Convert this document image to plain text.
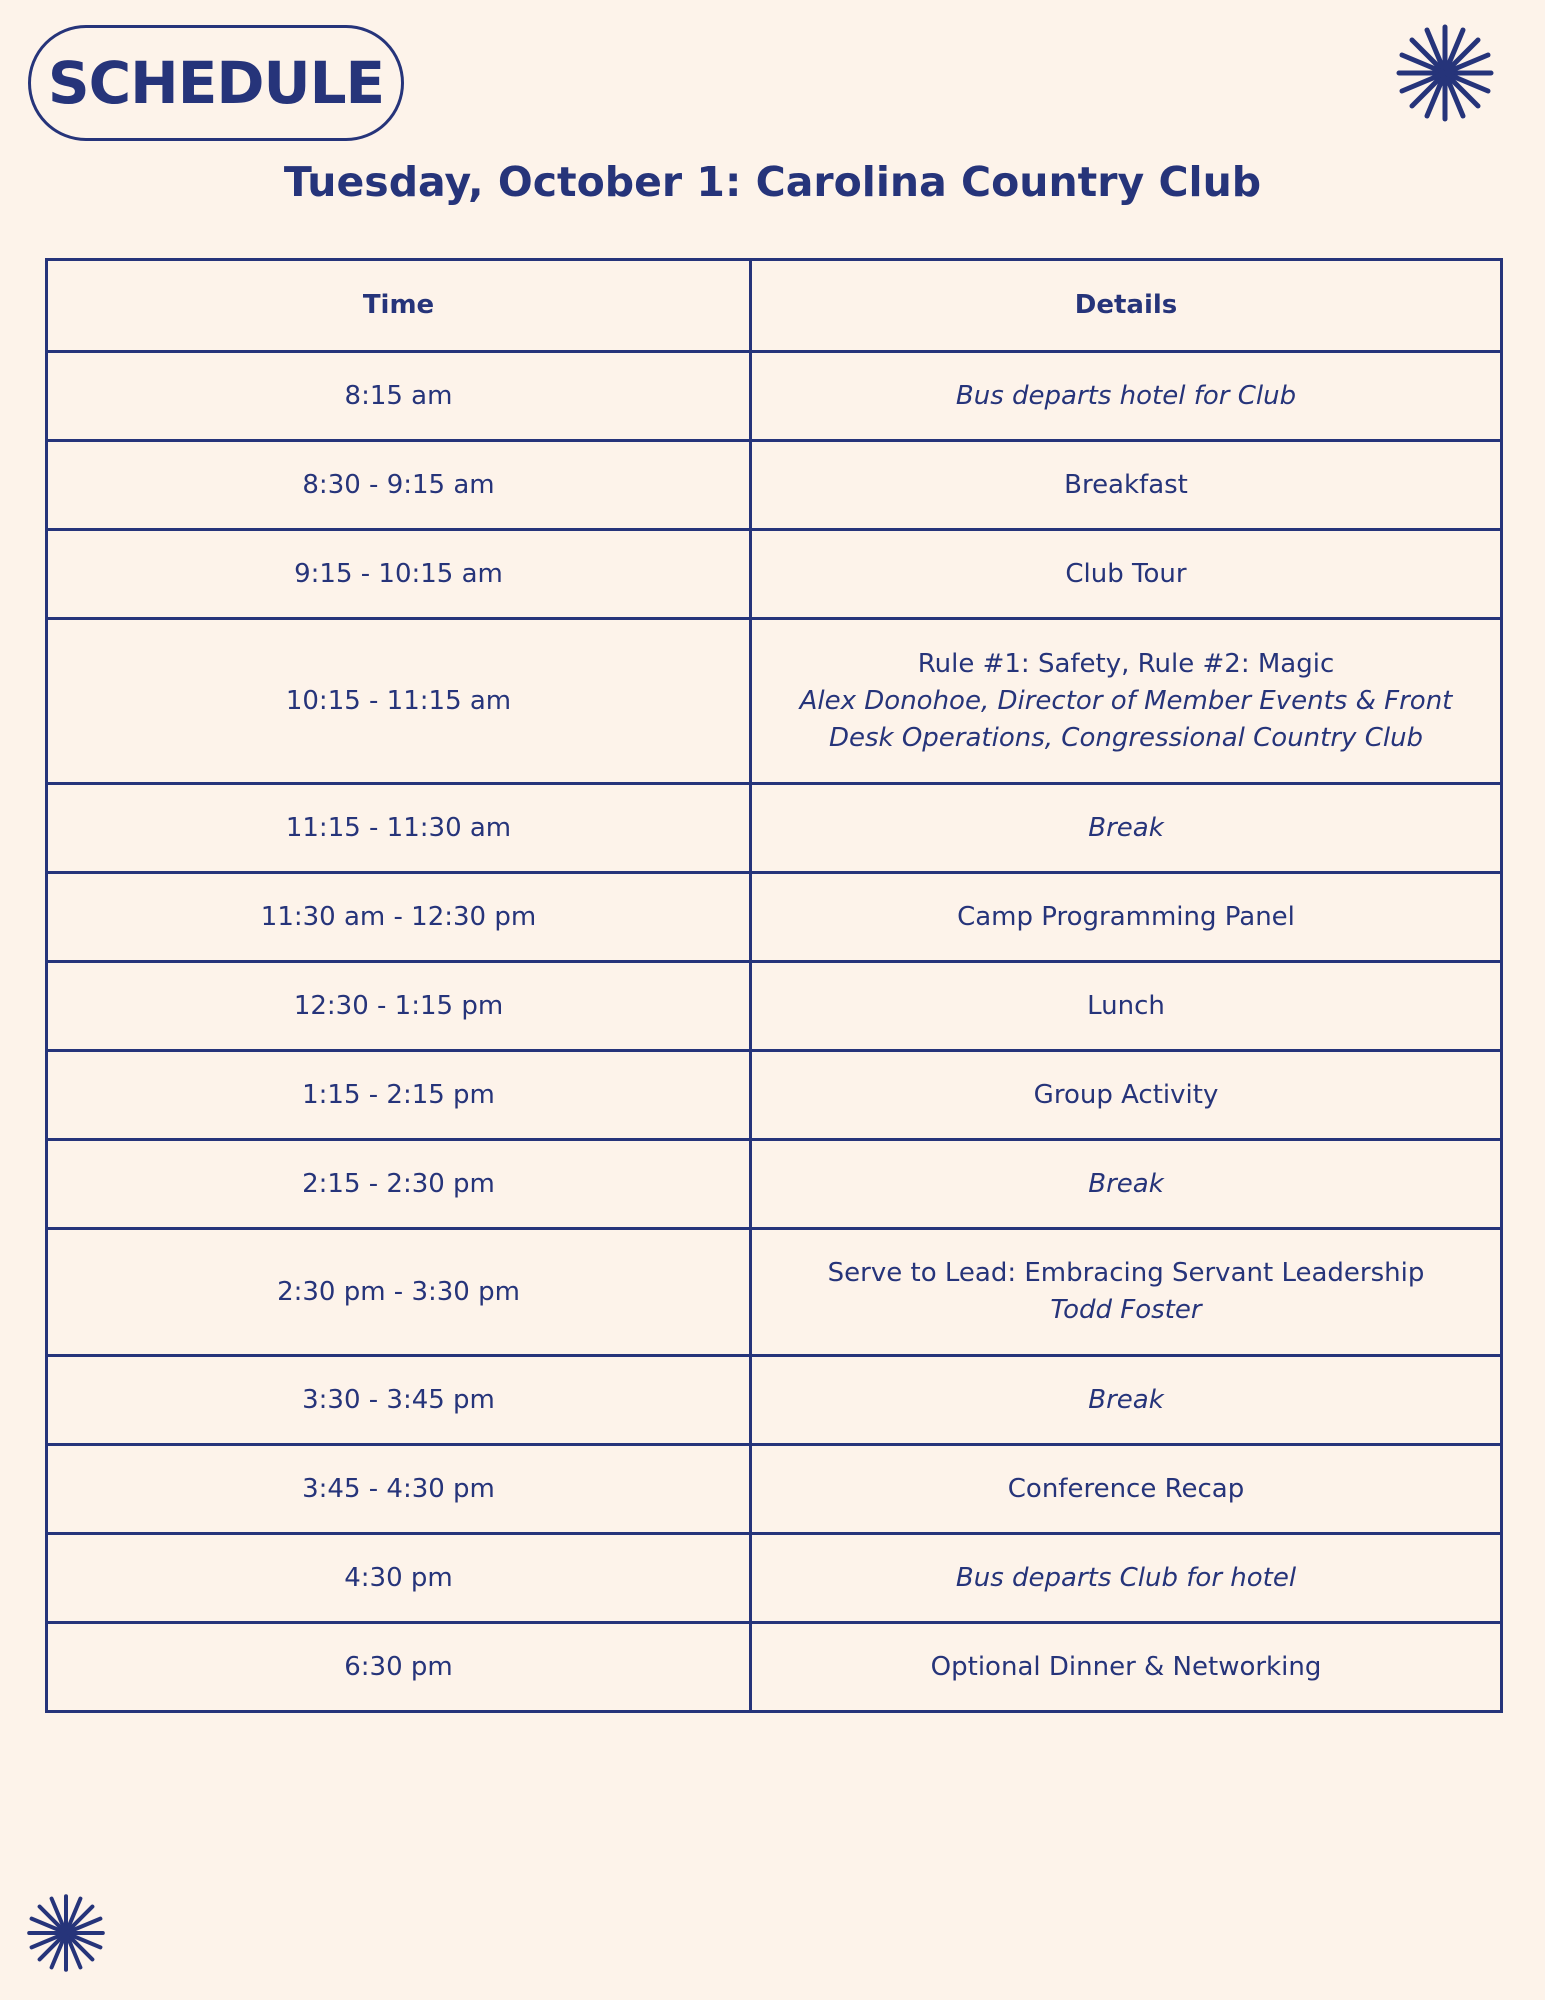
SCHEDULE
Tuesday, October 1: Carolina Country Club
Time	Details
8:15 am	Bus departs hotel for Club

8:30 - 9:15 am	Breakfast

9:15 - 10:15 am	Club Tour

10:15 - 11:15 am	Rule #1: Safety, Rule #2: Magic
Alex Donohoe, Director of Member Events & Front Desk Operations, Congressional Country Club

11:15 - 11:30 am	Break

11:30 am - 12:30 pm	Camp Programming Panel

12:30 - 1:15 pm	Lunch

1:15 - 2:15 pm	Group Activity

2:15 - 2:30 pm	Break

2:30 pm - 3:30 pm	Serve to Lead: Embracing Servant Leadership
Todd Foster

3:30 - 3:45 pm	Break

3:45 - 4:30 pm	Conference Recap

4:30 pm	Bus departs Club for hotel

6:30 pm	Optional Dinner & Networking
